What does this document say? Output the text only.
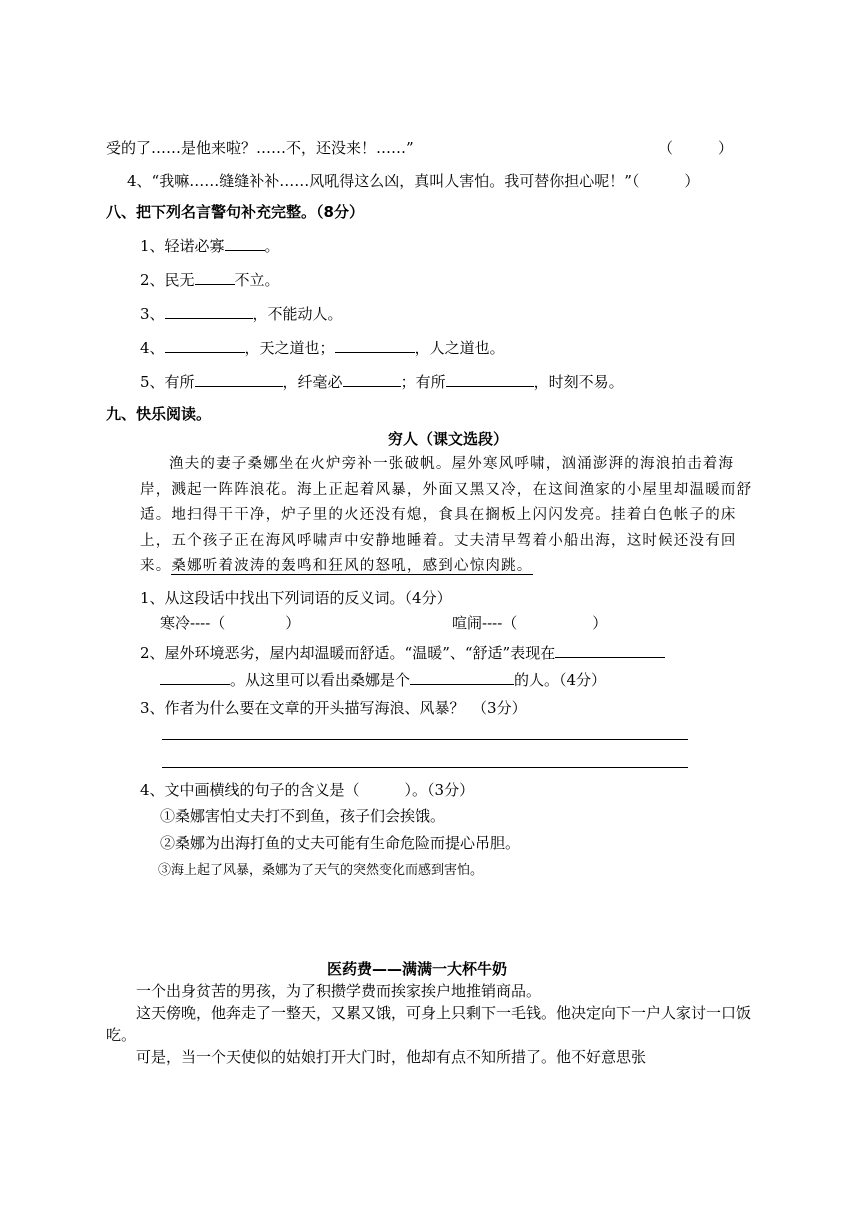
受的了……是他来啦？……不，还没来！……”	（　　　）
4、“我嘛……缝缝补补……风吼得这么凶，真叫人害怕。我可替你担心呢！”（　　　）
八、把下列名言警句补充完整。（8分）
1、轻诺必寡	。
2、民无	不立。
3、	，不能动人。
4、	，天之道也；	，人之道也。
5、有所	，纤毫必	；有所	，时刻不易。
九、快乐阅读。
穷人（课文选段）
渔夫的妻子桑娜坐在火炉旁补一张破帆。屋外寒风呼啸，汹涌澎湃的海浪拍击着海岸，溅起一阵阵浪花。海上正起着风暴，外面又黑又冷，在这间渔家的小屋里却温暖而舒适。地扫得干干净，炉子里的火还没有熄，食具在搁板上闪闪发亮。挂着白色帐子的床上，五个孩子正在海风呼啸声中安静地睡着。丈夫清早驾着小船出海，这时候还没有回来。桑娜听着波涛的轰鸣和狂风的怒吼，感到心惊肉跳。
1、从这段话中找出下列词语的反义词。（4分）
寒冷----（　　　　）	喧闹----（　　　　　）
2、屋外环境恶劣，屋内却温暖而舒适。“温暖”、“舒适”表现在
。从这里可以看出桑娜是个	的人。（4分）
3、作者为什么要在文章的开头描写海浪、风暴？　（3分）
4、文中画横线的句子的含义是（　　　）。（3分）
①桑娜害怕丈夫打不到鱼，孩子们会挨饿。
②桑娜为出海打鱼的丈夫可能有生命危险而提心吊胆。
③海上起了风暴，桑娜为了天气的突然变化而感到害怕。
医药费——满满一大杯牛奶
一个出身贫苦的男孩，为了积攒学费而挨家挨户地推销商品。
这天傍晚，他奔走了一整天，又累又饿，可身上只剩下一毛钱。他决定向下一户人家讨一口饭吃。
可是，当一个天使似的姑娘打开大门时，他却有点不知所措了。他不好意思张
